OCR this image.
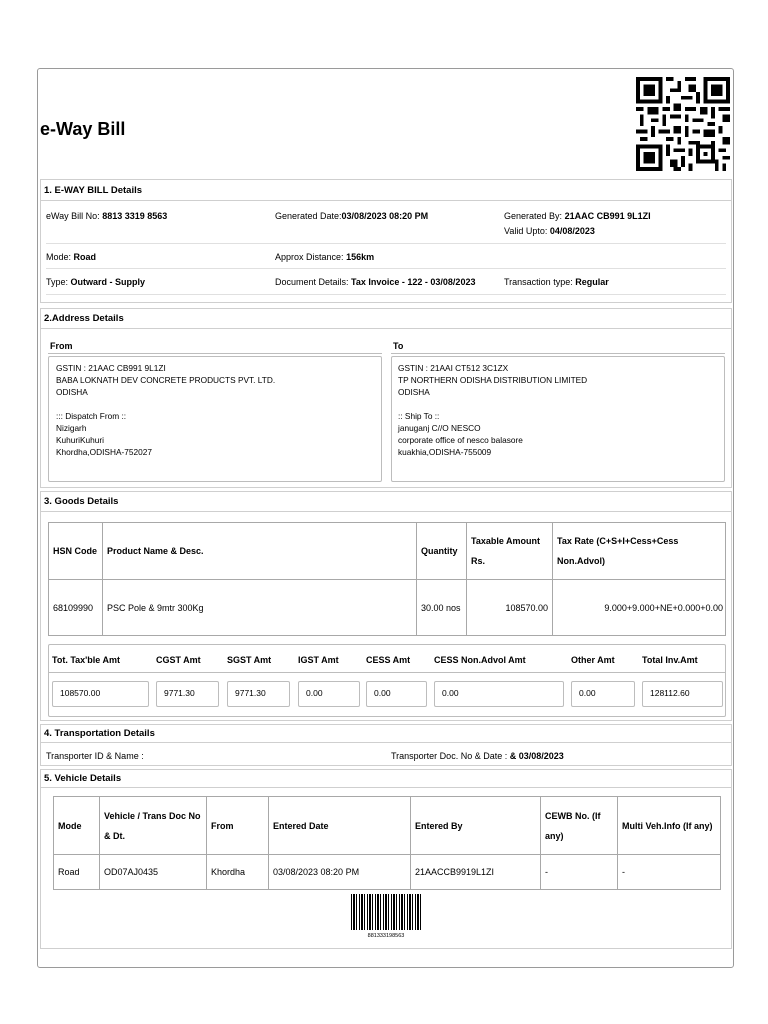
e-Way Bill
1. E-WAY BILL Details
eWay Bill No: 8813 3319 8563	Generated Date:03/08/2023 08:20 PM	Generated By: 21AAC CB991 9L1ZI
Valid Upto: 04/08/2023
Mode: Road	Approx Distance: 156km
Type: Outward - Supply	Document Details: Tax Invoice - 122 - 03/08/2023	Transaction type: Regular
2.Address Details
From
GSTIN : 21AAC CB991 9L1ZI
BABA LOKNATH DEV CONCRETE PRODUCTS PVT. LTD.
ODISHA
::: Dispatch From ::
Nizigarh
KuhuriKuhuri
Khordha,ODISHA-752027
To
GSTIN : 21AAI CT512 3C1ZX
TP NORTHERN ODISHA DISTRIBUTION LIMITED
ODISHA
:: Ship To ::
januganj C//O NESCO
corporate office of nesco balasore
kuakhia,ODISHA-755009
3. Goods Details
HSN Code	Product Name & Desc.	Quantity	Taxable Amount Rs.	Tax Rate (C+S+I+Cess+Cess Non.Advol)
68109990	PSC Pole & 9mtr 300Kg	30.00 nos	108570.00	9.000+9.000+NE+0.000+0.00
Tot. Tax'ble Amt	CGST Amt	SGST Amt	IGST Amt	CESS Amt	CESS Non.Advol Amt	Other Amt	Total Inv.Amt
108570.00	9771.30	9771.30	0.00	0.00	0.00	0.00	128112.60
4. Transportation Details
Transporter ID & Name :	Transporter Doc. No & Date : & 03/08/2023
5. Vehicle Details
Mode	Vehicle / Trans Doc No & Dt.	From	Entered Date	Entered By	CEWB No. (If any)	Multi Veh.Info (If any)
Road	OD07AJ0435	Khordha	03/08/2023 08:20 PM	21AACCB9919L1ZI	-	-
881333198563
